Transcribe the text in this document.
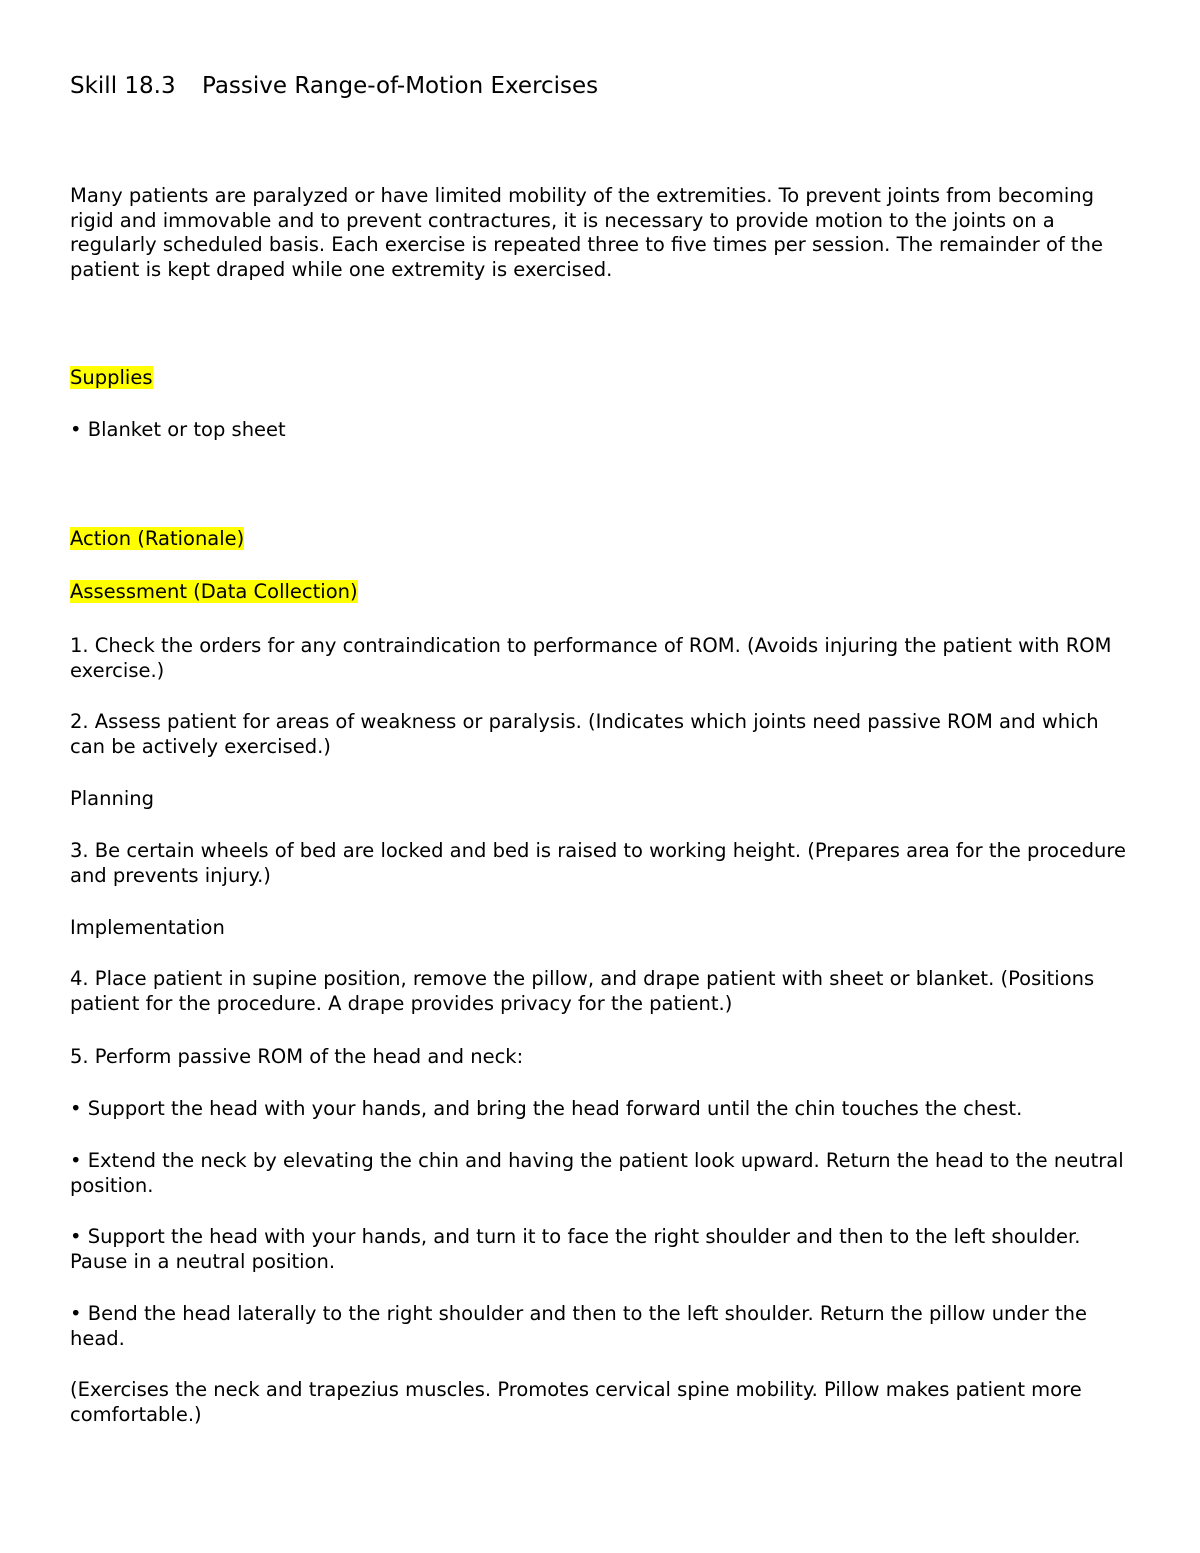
Skill 18.3 Passive Range-of-Motion Exercises

Many patients are paralyzed or have limited mobility of the extremities. To prevent joints from becoming rigid and immovable and to prevent contractures, it is necessary to provide motion to the joints on a regularly scheduled basis. Each exercise is repeated three to five times per session. The remainder of the patient is kept draped while one extremity is exercised.

Supplies

• Blanket or top sheet

Action (Rationale)

Assessment (Data Collection)

1. Check the orders for any contraindication to performance of ROM. (Avoids injuring the patient with ROM exercise.)

2. Assess patient for areas of weakness or paralysis. (Indicates which joints need passive ROM and which can be actively exercised.)

Planning

3. Be certain wheels of bed are locked and bed is raised to working height. (Prepares area for the procedure and prevents injury.)

Implementation

4. Place patient in supine position, remove the pillow, and drape patient with sheet or blanket. (Positions patient for the procedure. A drape provides privacy for the patient.)

5. Perform passive ROM of the head and neck:

• Support the head with your hands, and bring the head forward until the chin touches the chest.

• Extend the neck by elevating the chin and having the patient look upward. Return the head to the neutral position.

• Support the head with your hands, and turn it to face the right shoulder and then to the left shoulder. Pause in a neutral position.

• Bend the head laterally to the right shoulder and then to the left shoulder. Return the pillow under the head.

(Exercises the neck and trapezius muscles. Promotes cervical spine mobility. Pillow makes patient more comfortable.)
